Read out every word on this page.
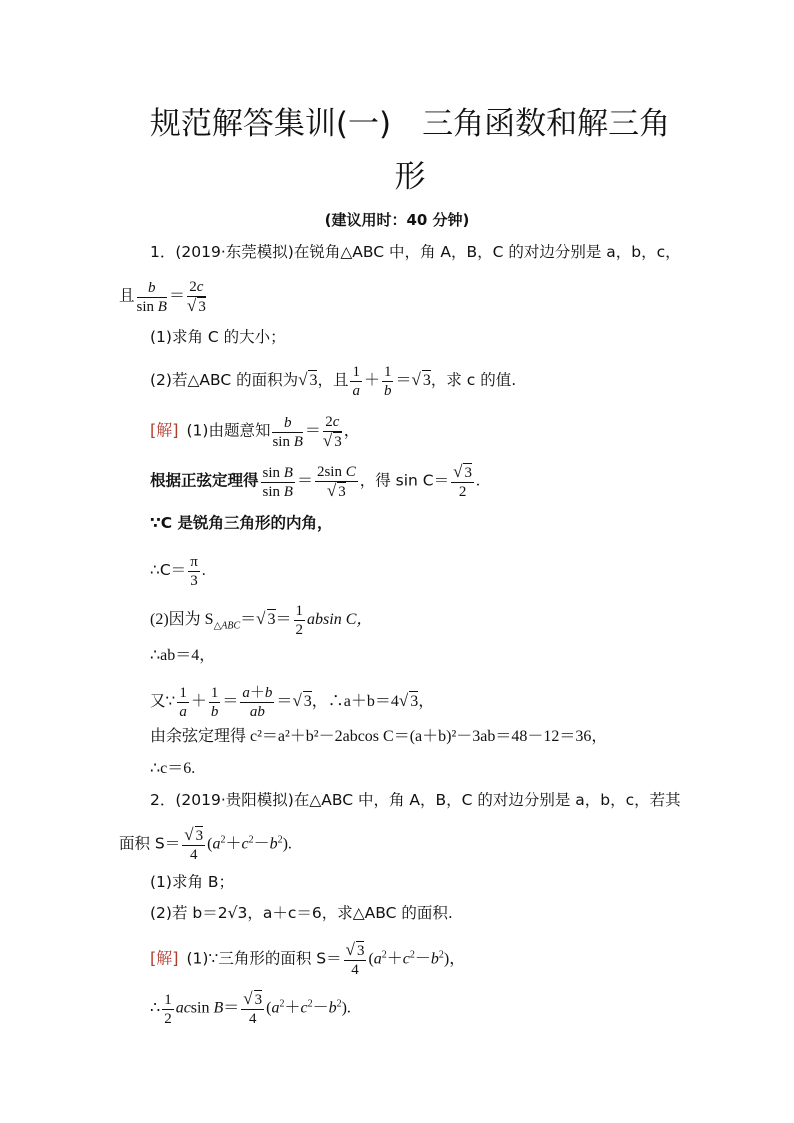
规范解答集训(一)　三角函数和解三角
形
(建议用时：40 分钟)
1．(2019·东莞模拟)在锐角△ABC 中，角 A，B，C 的对边分别是 a，b，c，
且 $\frac{b}{\text{sin B}} = \frac{2c}{√ 3}$
(1)求角 C 的大小；
(2)若△ABC 的面积为√ 3，且 $\frac{1}{a} + \frac{1}{b}$ ＝√ 3，求 c 的值.
[解] (1)由题意知 $\frac{b}{\text{sin B}} = \frac{2c}{√ 3}$ ，
根据正弦定理得 $\frac{\text{sin B}}{\text{sin B}} = \frac{\text{2sin C}}{√ 3}$ ，得 $\sin C= \frac{√ 3}{2}$ .
∵C 是锐角三角形的内角，
∴C＝ $\frac{\pi}{3}$ .
(2)因为 $S_{\triangle ABC}=√$ $3= \frac{1}{2}$ absin C，
∴ab＝4，
又∵ $\frac{1}{a} + \frac{1}{b} = \frac{a+b}{ab}$ ＝√ 3，∴a＋b＝4√ 3，
由余弦定理得 c²＝a²＋b²－2abcos C＝(a＋b)²－3ab＝48－12＝36，
∴c＝6.
2．(2019·贵阳模拟)在△ABC 中，角 A，B，C 的对边分别是 a，b，c，若其
面积 $S= \frac{√ 3}{4} (a^2+c^2-b^2)$.
(1)求角 B；
(2)若 b＝2√3，a＋c＝6，求△ABC 的面积.
[解] (1)∵三角形的面积 $S= \frac{√ 3}{4} (a^2+c^2-b^2)$，
∴ $\frac{1}{2}$ acsin $B= \frac{√ 3}{4} (a^2+c^2-b^2)$.
